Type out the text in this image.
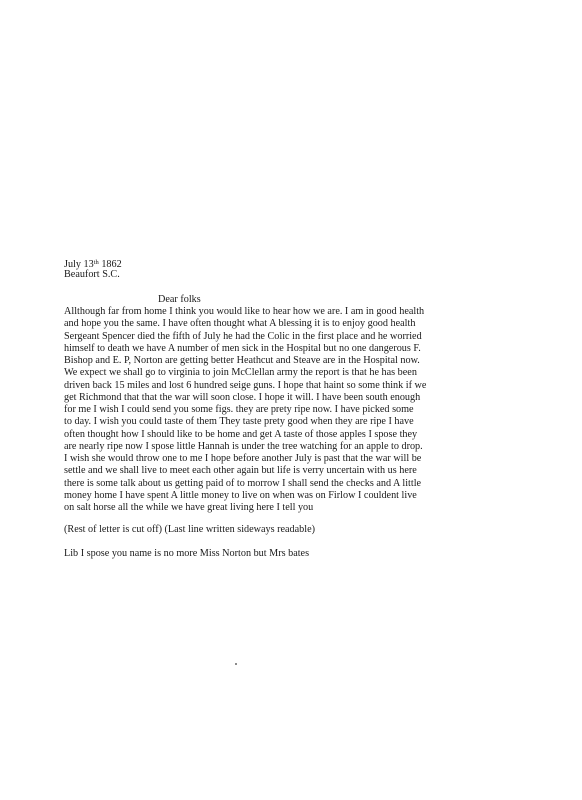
July 13th 1862
Beaufort S.C.
Dear folks
Allthough far from home I think you would like to hear how we are. I am in good health
and hope you the same. I have often thought what A blessing it is to enjoy good health
Sergeant Spencer died the fifth of July he had the Colic in the first place and he worried
himself to death we have A number of men sick in the Hospital but no one dangerous F.
Bishop and E. P, Norton are getting better Heathcut and Steave are in the Hospital now.
We expect we shall go to virginia to join McClellan army the report is that he has been
driven back 15 miles and lost 6 hundred seige guns. I hope that haint so some think if we
get Richmond that that the war will soon close. I hope it will. I have been south enough
for me I wish I could send you some figs. they are prety ripe now. I have picked some
to day. I wish you could taste of them They taste prety good when they are ripe I have
often thought how I should like to be home and get A taste of those apples I spose they
are nearly ripe now I spose little Hannah is under the tree watching for an apple to drop.
I wish she would throw one to me I hope before another July is past that the war will be
settle and we shall live to meet each other again but life is verry uncertain with us here
there is some talk about us getting paid of to morrow I shall send the checks and A little
money home I have spent A little money to live on when was on Firlow I couldent live
on salt horse all the while we have great living here I tell you
(Rest of letter is cut off) (Last line written sideways readable)
Lib I spose you name is no more Miss Norton but Mrs bates
